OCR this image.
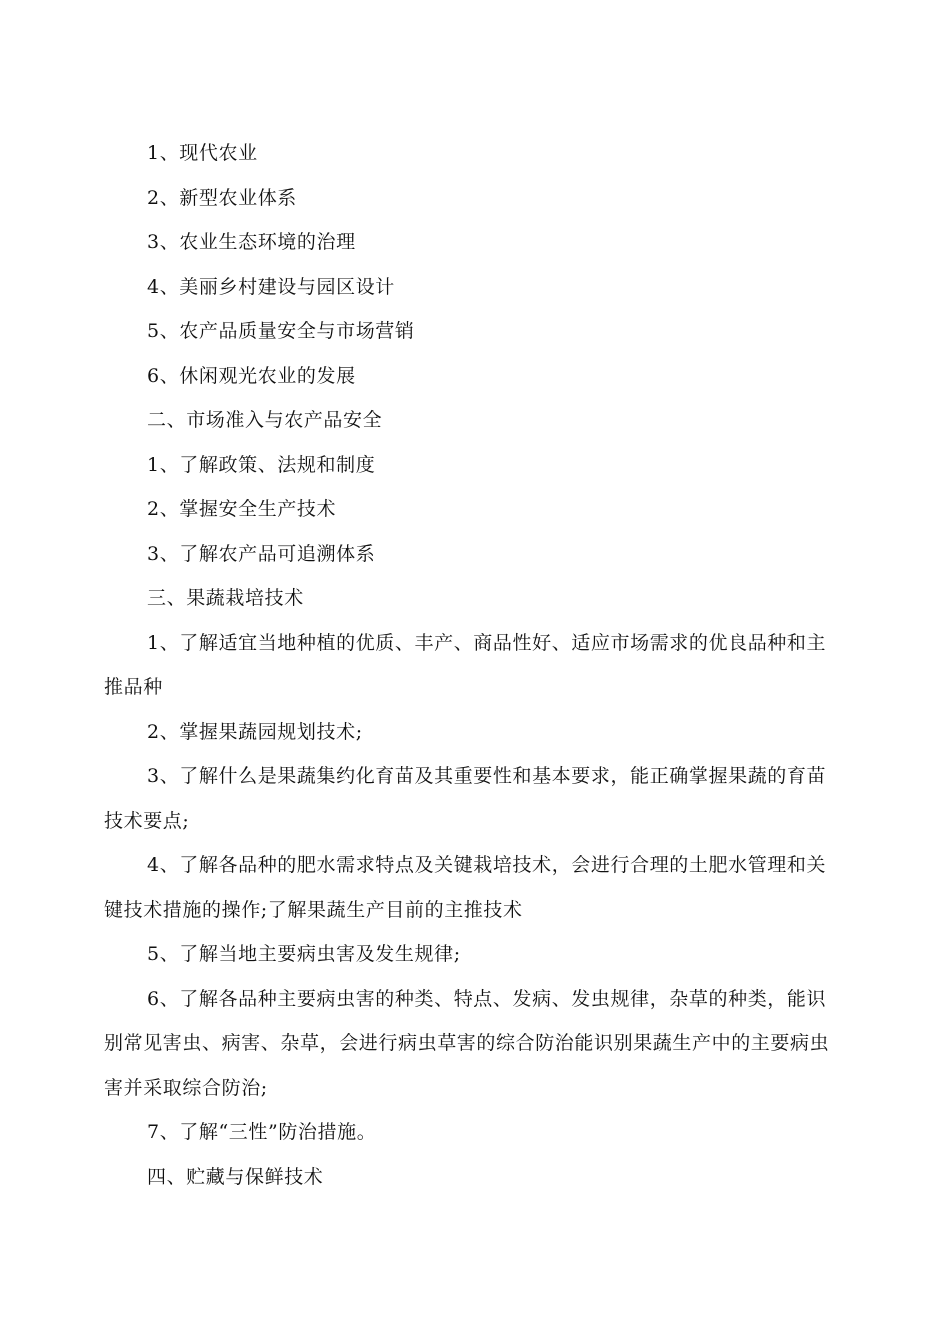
1、现代农业

2、新型农业体系

3、农业生态环境的治理

4、美丽乡村建设与园区设计

5、农产品质量安全与市场营销

6、休闲观光农业的发展

二、市场准入与农产品安全

1、了解政策、法规和制度

2、掌握安全生产技术

3、了解农产品可追溯体系

三、果蔬栽培技术

1、了解适宜当地种植的优质、丰产、商品性好、适应市场需求的优良品种和主推品种

2、掌握果蔬园规划技术;

3、了解什么是果蔬集约化育苗及其重要性和基本要求，能正确掌握果蔬的育苗技术要点;

4、了解各品种的肥水需求特点及关键栽培技术，会进行合理的土肥水管理和关键技术措施的操作;了解果蔬生产目前的主推技术

5、了解当地主要病虫害及发生规律;

6、了解各品种主要病虫害的种类、特点、发病、发虫规律，杂草的种类，能识别常见害虫、病害、杂草，会进行病虫草害的综合防治能识别果蔬生产中的主要病虫害并采取综合防治;

7、了解“三性”防治措施。

四、贮藏与保鲜技术
